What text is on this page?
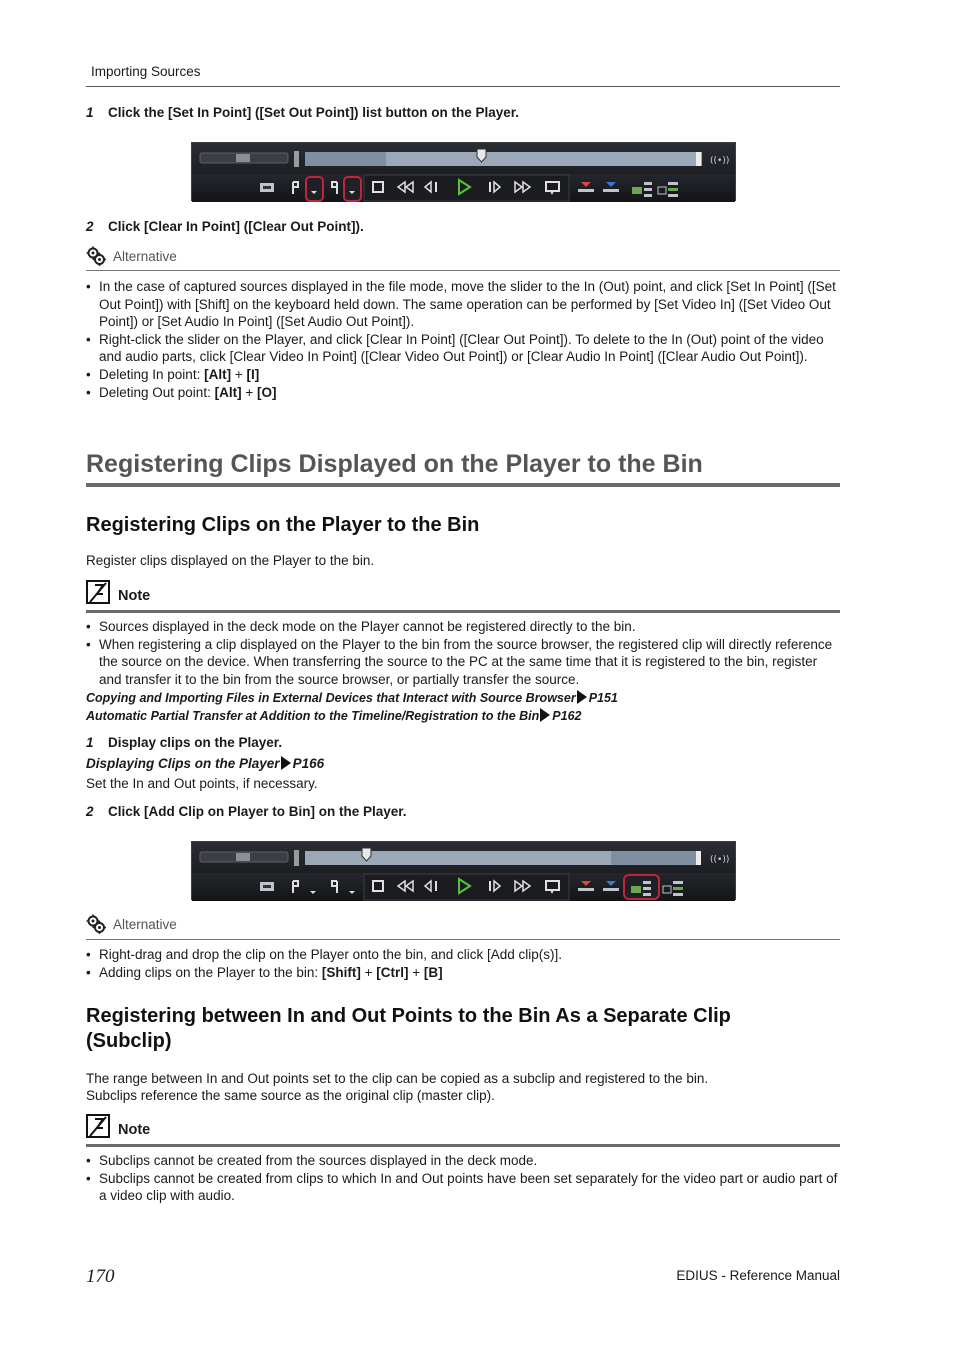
Importing Sources
1 Click the [Set In Point] ([Set Out Point]) list button on the Player.
((•))
2 Click [Clear In Point] ([Clear Out Point]).
Alternative
• In the case of captured sources displayed in the file mode, move the slider to the In (Out) point, and click [Set In Point] ([Set Out Point]) with [Shift] on the keyboard held down. The same operation can be performed by [Set Video In] ([Set Video Out Point]) or [Set Audio In Point] ([Set Audio Out Point]).
• Right-click the slider on the Player, and click [Clear In Point] ([Clear Out Point]). To delete to the In (Out) point of the video and audio parts, click [Clear Video In Point] ([Clear Video Out Point]) or [Clear Audio In Point] ([Clear Audio Out Point]).
• Deleting In point: [Alt] + [I]
• Deleting Out point: [Alt] + [O]
Registering Clips Displayed on the Player to the Bin
Registering Clips on the Player to the Bin
Register clips displayed on the Player to the bin.
Note
• Sources displayed in the deck mode on the Player cannot be registered directly to the bin.
• When registering a clip displayed on the Player to the bin from the source browser, the registered clip will directly reference the source on the device. When transferring the source to the PC at the same time that it is registered to the bin, register and transfer it to the bin from the source browser, or partially transfer the source.
Copying and Importing Files in External Devices that Interact with Source Browser P151
Automatic Partial Transfer at Addition to the Timeline/Registration to the Bin P162
1 Display clips on the Player.
Displaying Clips on the Player P166
Set the In and Out points, if necessary.
2 Click [Add Clip on Player to Bin] on the Player.
((•))
Alternative
• Right-drag and drop the clip on the Player onto the bin, and click [Add clip(s)].
• Adding clips on the Player to the bin: [Shift] + [Ctrl] + [B]
Registering between In and Out Points to the Bin As a Separate Clip
(Subclip)
The range between In and Out points set to the clip can be copied as a subclip and registered to the bin.
Subclips reference the same source as the original clip (master clip).
Note
• Subclips cannot be created from the sources displayed in the deck mode.
• Subclips cannot be created from clips to which In and Out points have been set separately for the video part or audio part of a video clip with audio.
170	EDIUS - Reference Manual
